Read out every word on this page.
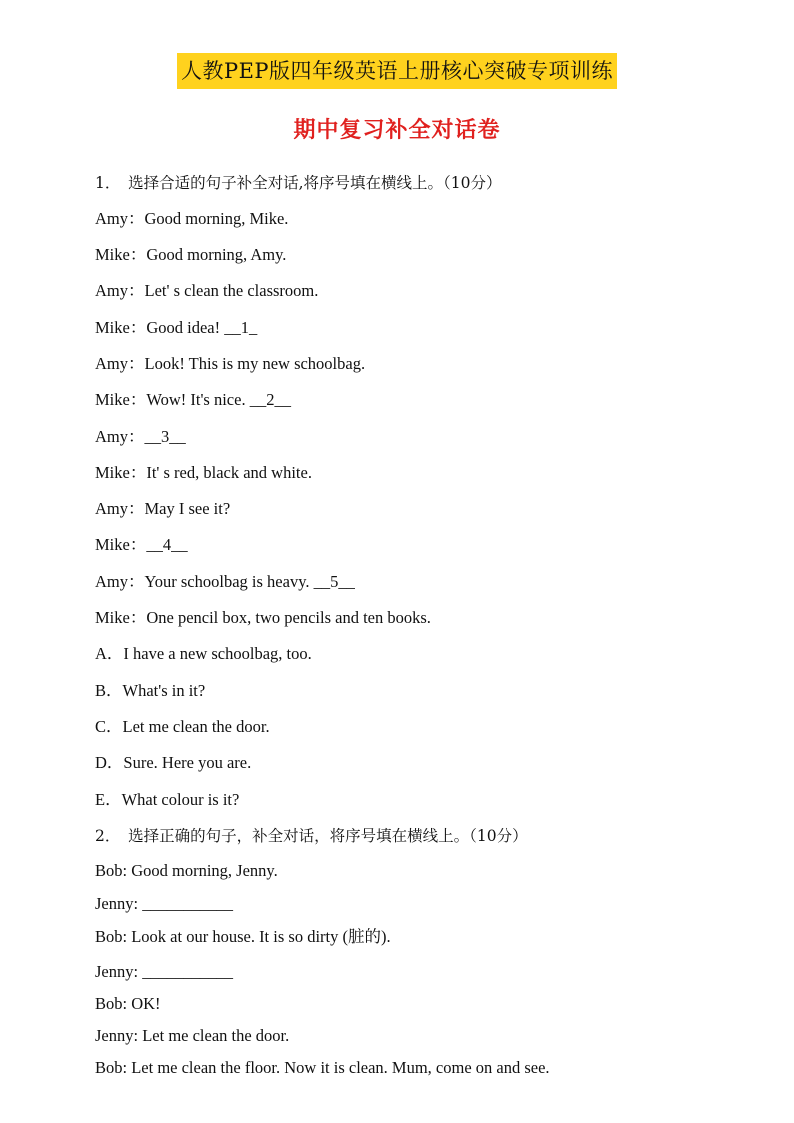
人教PEP版四年级英语上册核心突破专项训练
期中复习补全对话卷
1．　选择合适的句子补全对话,将序号填在横线上。（10分）
Amy：Good morning, Mike.
Mike：Good morning, Amy.
Amy：Let' s clean the classroom.
Mike：Good idea! __1_
Amy：Look! This is my new schoolbag.
Mike：Wow! It's nice. __2__
Amy：__3__
Mike：It' s red, black and white.
Amy：May I see it?
Mike：__4__
Amy：Your schoolbag is heavy. __5__
Mike：One pencil box, two pencils and ten books.
A．I have a new schoolbag, too.
B．What's in it?
C．Let me clean the door.
D．Sure. Here you are.
E．What colour is it?
2．　选择正确的句子，补全对话，将序号填在横线上。（10分）
Bob: Good morning, Jenny.
Jenny: ___________
Bob: Look at our house. It is so dirty (脏的).
Jenny: ___________
Bob: OK!
Jenny: Let me clean the door.
Bob: Let me clean the floor. Now it is clean. Mum, come on and see.
